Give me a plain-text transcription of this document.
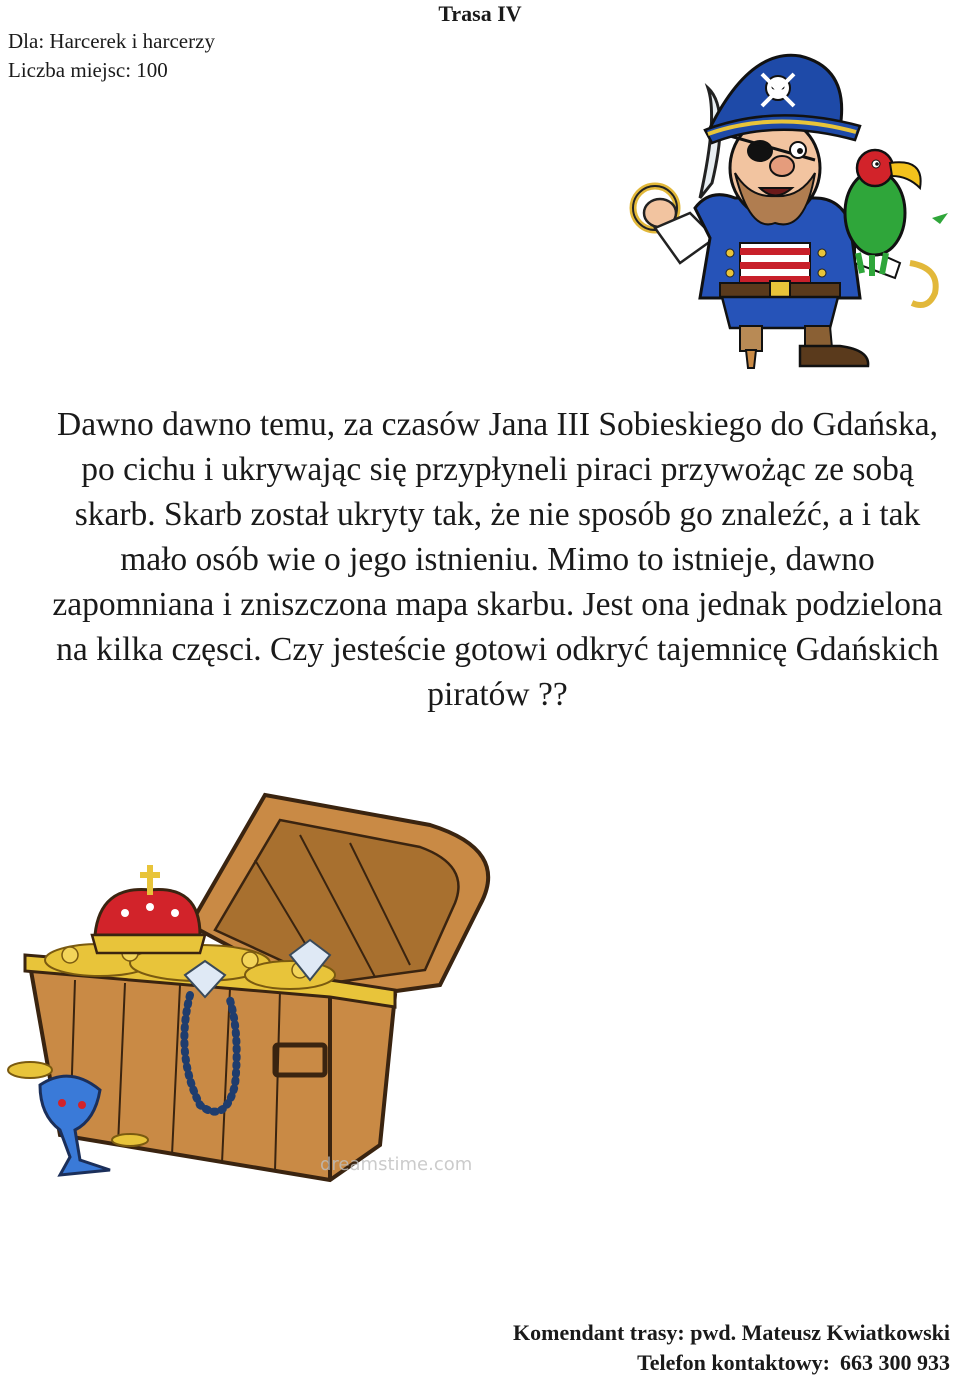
Trasa IV
Dla: Harcerek i harcerzy
Liczba miejsc: 100
Dawno dawno temu, za czasów Jana III Sobieskiego do Gdańska, po cichu i ukrywając się przypłyneli piraci przywożąc ze sobą skarb. Skarb został ukryty tak, że nie sposób go znaleźć, a i tak mało osób wie o jego istnieniu. Mimo to istnieje, dawno zapomniana i zniszczona mapa skarbu. Jest ona jednak podzielona na kilka częsci. Czy jesteście gotowi odkryć tajemnicę Gdańskich piratów ??
dreamstime.com
Komendant trasy: pwd. Mateusz Kwiatkowski
Telefon kontaktowy: 663 300 933
